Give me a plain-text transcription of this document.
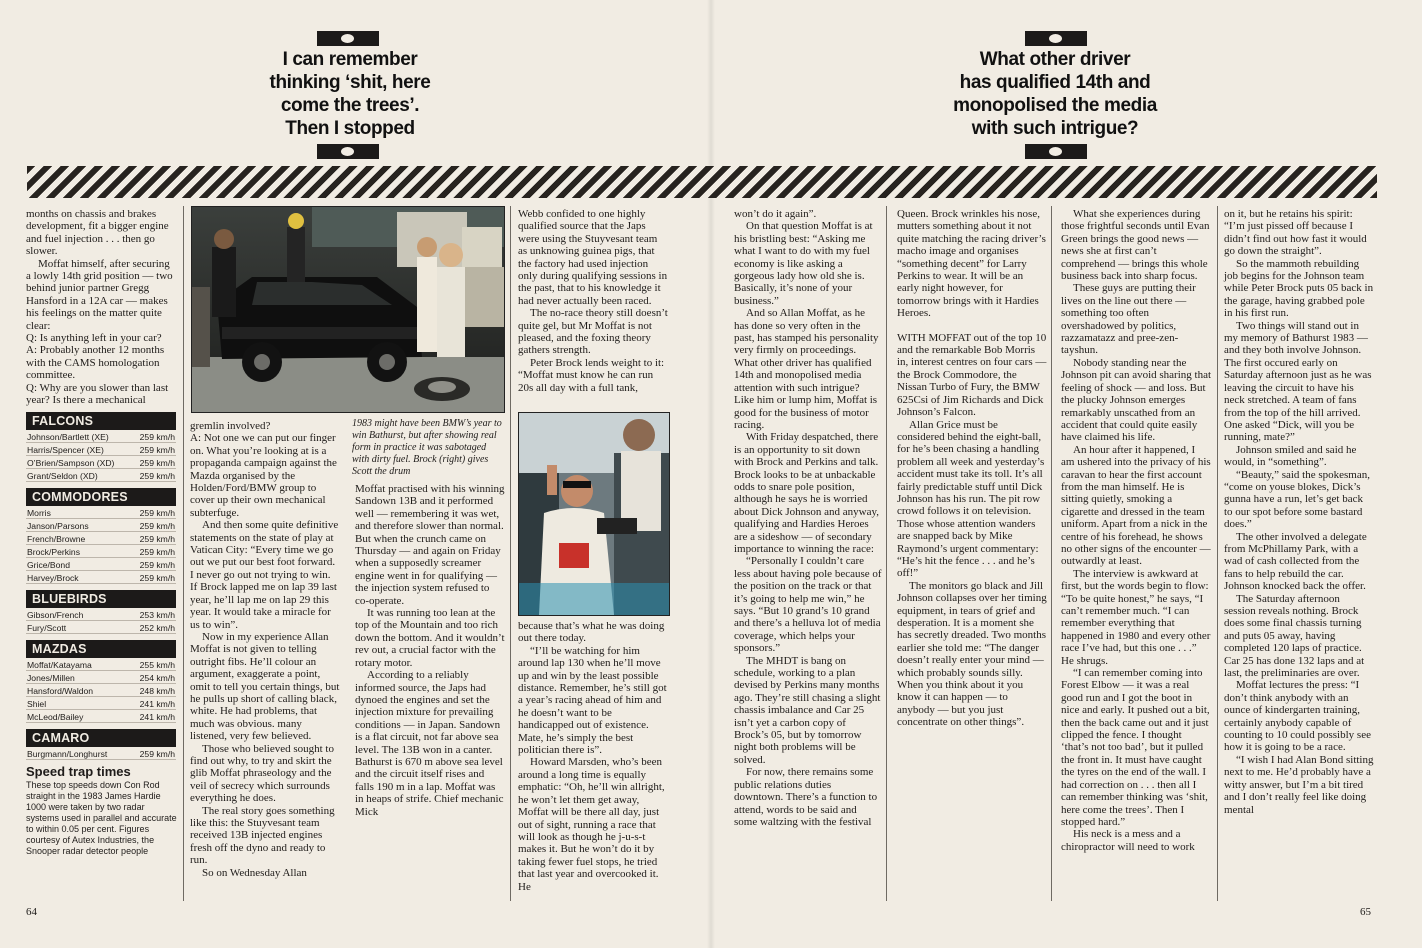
I can remember
thinking ‘shit, here
come the trees’.
Then I stopped
What other driver
has qualified 14th and
monopolised the media
with such intrigue?
1983 might have been BMW’s year to win Bathurst, but after showing real form in practice it was sabotaged with dirty fuel. Brock (right) gives Scott the drum
FALCONS
Johnson/Bartlett (XE)	259 km/h
Harris/Spencer (XE)	259 km/h
O’Brien/Sampson (XD)	259 km/h
Grant/Seldon (XD)	259 km/h
COMMODORES
Morris	259 km/h
Janson/Parsons	259 km/h
French/Browne	259 km/h
Brock/Perkins	259 km/h
Grice/Bond	259 km/h
Harvey/Brock	259 km/h
BLUEBIRDS
Gibson/French	253 km/h
Fury/Scott	252 km/h
MAZDAS
Moffat/Katayama	255 km/h
Jones/Millen	254 km/h
Hansford/Waldon	248 km/h
Shiel	241 km/h
McLeod/Bailey	241 km/h
CAMARO
Burgmann/Longhurst	259 km/h
Speed trap times
These top speeds down Con Rod straight in the 1983 James Hardie 1000 were taken by two radar systems used in parallel and accurate to within 0.05 per cent. Figures courtesy of Autex Industries, the Snooper radar detector people

months on chassis and brakes development, fit a bigger engine and fuel injection . . . then go slower.

Moffat himself, after securing a lowly 14th grid position — two behind junior partner Gregg Hansford in a 12A car — makes his feelings on the matter quite clear:

Q: Is anything left in your car?

A: Probably another 12 months with the CAMS homologation committee.

Q: Why are you slower than last year? Is there a mechanical

gremlin involved?

A: Not one we can put our finger on. What you’re looking at is a propaganda campaign against the Mazda organised by the Holden/Ford/BMW group to cover up their own mechanical subterfuge.

And then some quite definitive statements on the state of play at Vatican City: “Every time we go out we put our best foot forward. I never go out not trying to win. If Brock lapped me on lap 39 last year, he’ll lap me on lap 29 this year. It would take a miracle for us to win”.

Now in my experience Allan Moffat is not given to telling outright fibs. He’ll colour an argument, exaggerate a point, omit to tell you certain things, but he pulls up short of calling black, white. He had problems, that much was obvious. many listened, very few believed.

Those who believed sought to find out why, to try and skirt the glib Moffat phraseology and the veil of secrecy which surrounds everything he does.

The real story goes something like this: the Stuyvesant team received 13B injected engines fresh off the dyno and ready to run.

So on Wednesday Allan

Moffat practised with his winning Sandown 13B and it performed well — remembering it was wet, and therefore slower than normal. But when the crunch came on Thursday — and again on Friday when a supposedly screamer engine went in for qualifying — the injection system refused to co-operate.

It was running too lean at the top of the Mountain and too rich down the bottom. And it wouldn’t rev out, a crucial factor with the rotary motor.

According to a reliably informed source, the Japs had dynoed the engines and set the injection mixture for prevailing conditions — in Japan. Sandown is a flat circuit, not far above sea level. The 13B won in a canter. Bathurst is 670 m above sea level and the circuit itself rises and falls 190 m in a lap. Moffat was in heaps of strife. Chief mechanic Mick

Webb confided to one highly qualified source that the Japs were using the Stuyvesant team as unknowing guinea pigs, that the factory had used injection only during qualifying sessions in the past, that to his knowledge it had never actually been raced.

The no-race theory still doesn’t quite gel, but Mr Moffat is not pleased, and the foxing theory gathers strength.

Peter Brock lends weight to it: “Moffat must know he can run 20s all day with a full tank,

because that’s what he was doing out there today.

“I’ll be watching for him around lap 130 when he’ll move up and win by the least possible distance. Remember, he’s still got a year’s racing ahead of him and he doesn’t want to be handicapped out of existence. Mate, he’s simply the best politician there is”.

Howard Marsden, who’s been around a long time is equally emphatic: “Oh, he’ll win allright, he won’t let them get away, Moffat will be there all day, just out of sight, running a race that will look as though he j-u-s-t makes it. But he won’t do it by taking fewer fuel stops, he tried that last year and overcooked it. He

won’t do it again”.

On that question Moffat is at his bristling best: “Asking me what I want to do with my fuel economy is like asking a gorgeous lady how old she is. Basically, it’s none of your business.”

And so Allan Moffat, as he has done so very often in the past, has stamped his personality very firmly on proceedings. What other driver has qualified 14th and monopolised media attention with such intrigue? Like him or lump him, Moffat is good for the business of motor racing.

With Friday despatched, there is an opportunity to sit down with Brock and Perkins and talk. Brock looks to be at unbackable odds to snare pole position, although he says he is worried about Dick Johnson and anyway, qualifying and Hardies Heroes are a sideshow — of secondary importance to winning the race:

“Personally I couldn’t care less about having pole because of the position on the track or that it’s going to help me win,” he says. “But 10 grand’s 10 grand and there’s a helluva lot of media coverage, which helps your sponsors.”

The MHDT is bang on schedule, working to a plan devised by Perkins many months ago. They’re still chasing a slight chassis imbalance and Car 25 isn’t yet a carbon copy of Brock’s 05, but by tomorrow night both problems will be solved.

For now, there remains some public relations duties downtown. There’s a function to attend, words to be said and some waltzing with the festival

Queen. Brock wrinkles his nose, mutters something about it not quite matching the racing driver’s macho image and organises “something decent” for Larry Perkins to wear. It will be an early night however, for tomorrow brings with it Hardies Heroes.

WITH MOFFAT out of the top 10 and the remarkable Bob Morris in, interest centres on four cars — the Brock Commodore, the Nissan Turbo of Fury, the BMW 625Csi of Jim Richards and Dick Johnson’s Falcon.

Allan Grice must be considered behind the eight-ball, for he’s been chasing a handling problem all week and yesterday’s accident must take its toll. It’s all fairly predictable stuff until Dick Johnson has his run. The pit row crowd follows it on television. Those whose attention wanders are snapped back by Mike Raymond’s urgent commentary: “He’s hit the fence . . . and he’s off!”

The monitors go black and Jill Johnson collapses over her timing equipment, in tears of grief and desperation. It is a moment she has secretly dreaded. Two months earlier she told me: “The danger doesn’t really enter your mind — which probably sounds silly. When you think about it you know it can happen — to anybody — but you just concentrate on other things”.

What she experiences during those frightful seconds until Evan Green brings the good news — news she at first can’t comprehend — brings this whole business back into sharp focus.

These guys are putting their lives on the line out there — something too often overshadowed by politics, razzamatazz and pree-zen-tayshun.

Nobody standing near the Johnson pit can avoid sharing that feeling of shock — and loss. But the plucky Johnson emerges remarkably unscathed from an accident that could quite easily have claimed his life.

An hour after it happened, I am ushered into the privacy of his caravan to hear the first account from the man himself. He is sitting quietly, smoking a cigarette and dressed in the team uniform. Apart from a nick in the centre of his forehead, he shows no other signs of the encounter — outwardly at least.

The interview is awkward at first, but the words begin to flow: “To be quite honest,” he says, “I can’t remember much. “I can remember everything that happened in 1980 and every other race I’ve had, but this one . . .” He shrugs.

“I can remember coming into Forest Elbow — it was a real good run and I got the boot in nice and early. It pushed out a bit, then the back came out and it just clipped the fence. I thought ‘that’s not too bad’, but it pulled the front in. It must have caught the tyres on the end of the wall. I had correction on . . . then all I can remember thinking was ‘shit, here come the trees’. Then I stopped hard.”

His neck is a mess and a chiropractor will need to work

on it, but he retains his spirit: “I’m just pissed off because I didn’t find out how fast it would go down the straight”.

So the mammoth rebuilding job begins for the Johnson team while Peter Brock puts 05 back in the garage, having grabbed pole in his first run.

Two things will stand out in my memory of Bathurst 1983 — and they both involve Johnson. The first occured early on Saturday afternoon just as he was leaving the circuit to have his neck stretched. A team of fans from the top of the hill arrived. One asked “Dick, will you be running, mate?”

Johnson smiled and said he would, in “something”.

“Beauty,” said the spokesman, “come on youse blokes, Dick’s gunna have a run, let’s get back to our spot before some bastard does.”

The other involved a delegate from McPhillamy Park, with a wad of cash collected from the fans to help rebuild the car. Johnson knocked back the offer.

The Saturday afternoon session reveals nothing. Brock does some final chassis turning and puts 05 away, having completed 120 laps of practice. Car 25 has done 132 laps and at last, the preliminaries are over.

Moffat lectures the press: “I don’t think anybody with an ounce of kindergarten training, certainly anybody capable of counting to 10 could possibly see how it is going to be a race.

“I wish I had Alan Bond sitting next to me. He’d probably have a witty answer, but I’m a bit tired and I don’t really feel like doing mental

64	65
